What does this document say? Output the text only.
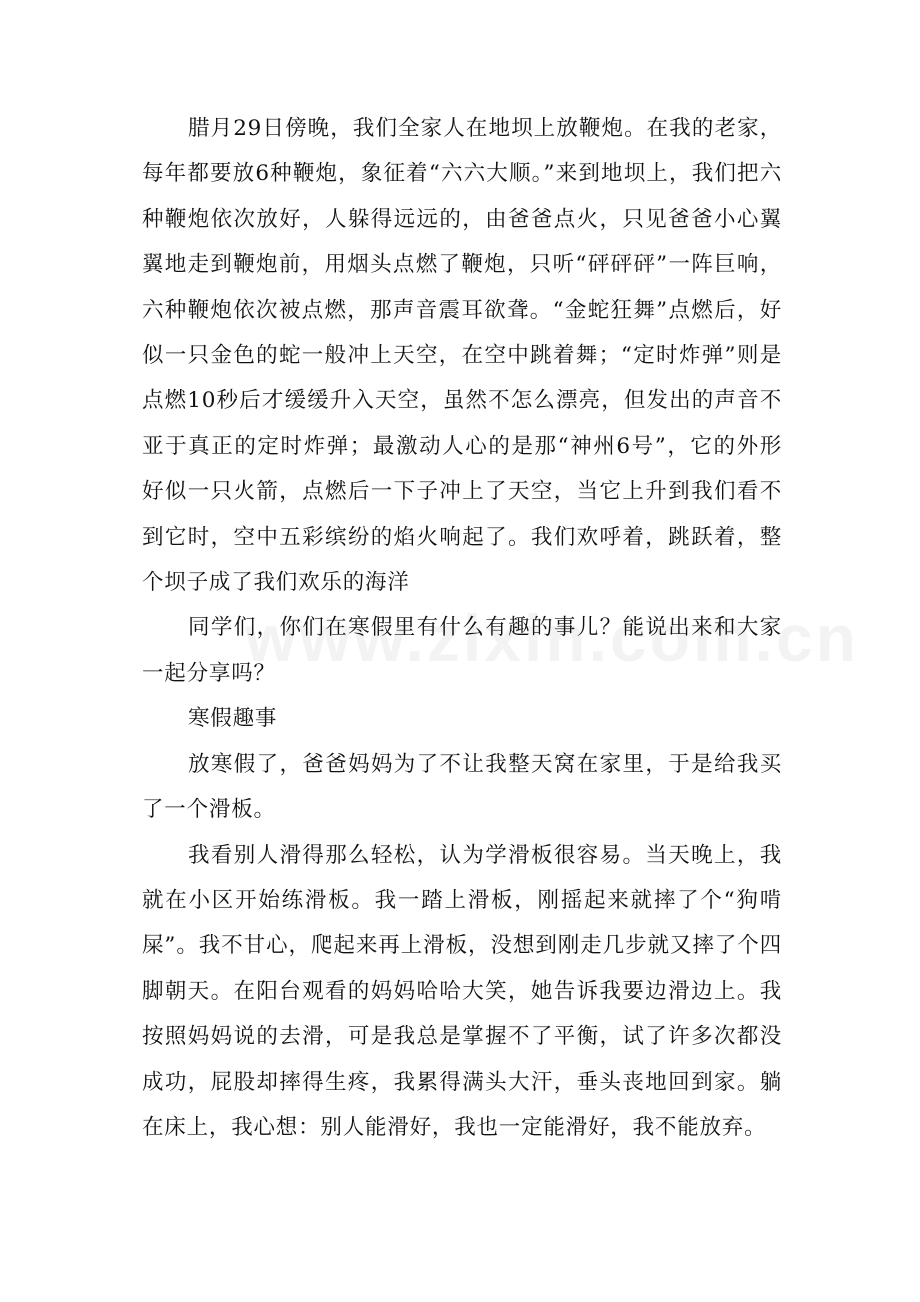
腊月29日傍晚，我们全家人在地坝上放鞭炮。在我的老家，每年都要放6种鞭炮，象征着“六六大顺。”来到地坝上，我们把六种鞭炮依次放好，人躲得远远的，由爸爸点火，只见爸爸小心翼翼地走到鞭炮前，用烟头点燃了鞭炮，只听“砰砰砰”一阵巨响，六种鞭炮依次被点燃，那声音震耳欲聋。“金蛇狂舞”点燃后，好似一只金色的蛇一般冲上天空，在空中跳着舞；“定时炸弹”则是点燃10秒后才缓缓升入天空，虽然不怎么漂亮，但发出的声音不亚于真正的定时炸弹；最激动人心的是那“神州6号”，它的外形好似一只火箭，点燃后一下子冲上了天空，当它上升到我们看不到它时，空中五彩缤纷的焰火响起了。我们欢呼着，跳跃着，整个坝子成了我们欢乐的海洋

同学们，你们在寒假里有什么有趣的事儿？能说出来和大家一起分享吗？

寒假趣事

放寒假了，爸爸妈妈为了不让我整天窝在家里，于是给我买了一个滑板。

我看别人滑得那么轻松，认为学滑板很容易。当天晚上，我就在小区开始练滑板。我一踏上滑板，刚摇起来就摔了个“狗啃屎”。我不甘心，爬起来再上滑板，没想到刚走几步就又摔了个四脚朝天。在阳台观看的妈妈哈哈大笑，她告诉我要边滑边上。我按照妈妈说的去滑，可是我总是掌握不了平衡，试了许多次都没成功，屁股却摔得生疼，我累得满头大汗，垂头丧地回到家。躺在床上，我心想：别人能滑好，我也一定能滑好，我不能放弃。
